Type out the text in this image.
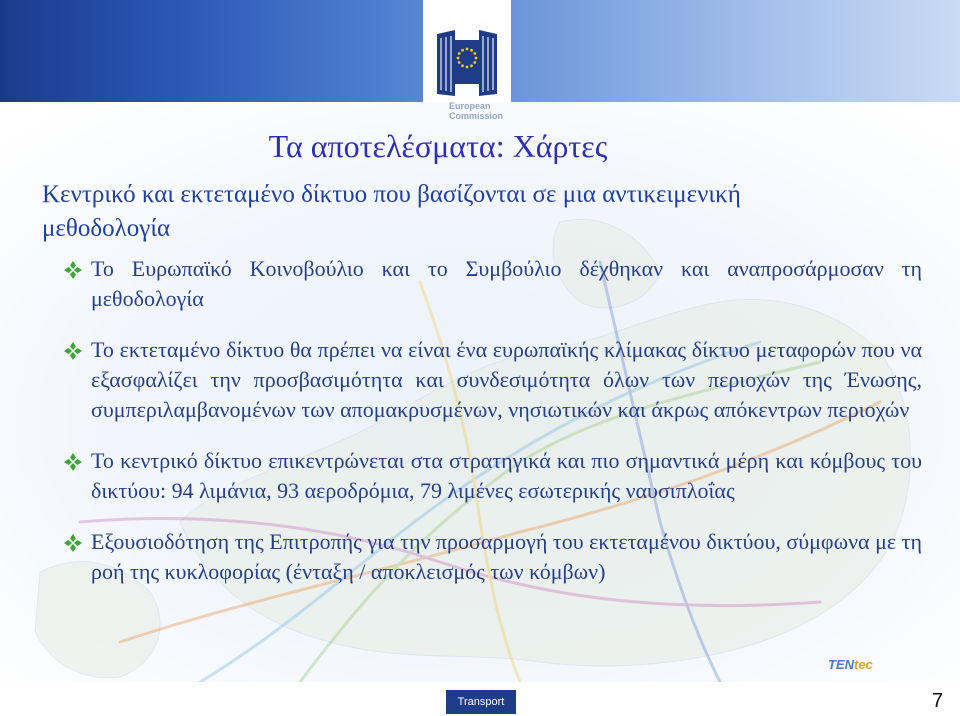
Τα αποτελέσματα: Χάρτες

Κεντρικό και εκτεταμένο δίκτυο που βασίζονται σε μια αντικειμενική μεθοδολογία

Το Ευρωπαϊκό Κοινοβούλιο και το Συμβούλιο δέχθηκαν και αναπροσάρμοσαν τη μεθοδολογία
Το εκτεταμένο δίκτυο θα πρέπει να είναι ένα ευρωπαϊκής κλίμακας δίκτυο μεταφορών που να εξασφαλίζει την προσβασιμότητα και συνδεσιμότητα όλων των περιοχών της Ένωσης, συμπεριλαμβανομένων των απομακρυσμένων, νησιωτικών και άκρως απόκεντρων περιοχών
Το κεντρικό δίκτυο επικεντρώνεται στα στρατηγικά και πιο σημαντικά μέρη και κόμβους του δικτύου: 94 λιμάνια, 93 αεροδρόμια, 79 λιμένες εσωτερικής ναυσιπλοΐας
Εξουσιοδότηση της Επιτροπής για την προσαρμογή του εκτεταμένου δικτύου, σύμφωνα με τη ροή της κυκλοφορίας (ένταξη / αποκλεισμός των κόμβων)
TENtec
Transport	7
